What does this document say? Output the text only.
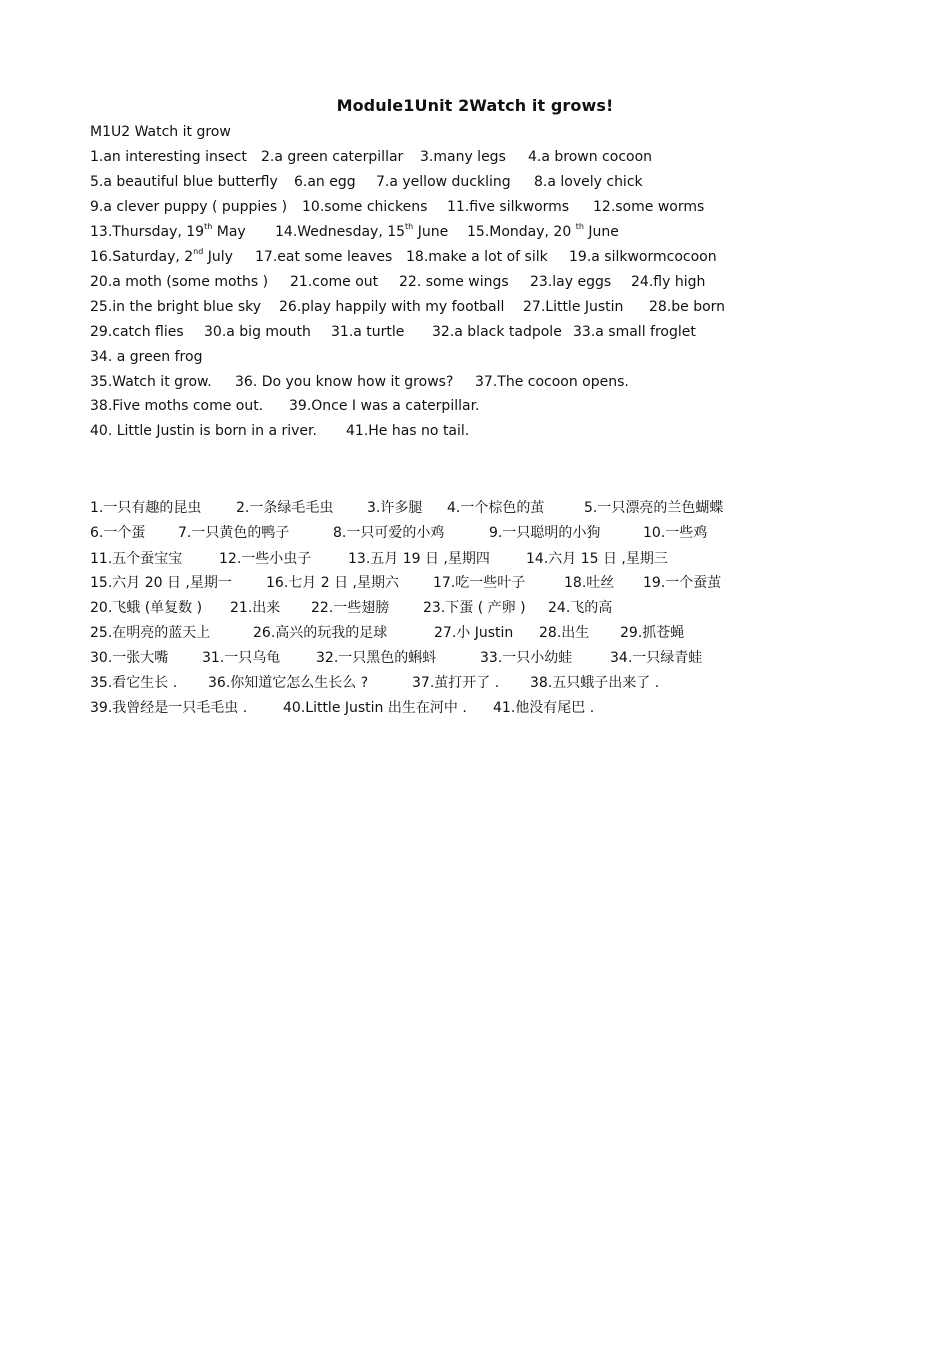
Module1Unit 2Watch it grows!
M1U2 Watch it grow
1.an interesting insect 2.a green caterpillar 3.many legs 4.a brown cocoon
5.a beautiful blue butterfly 6.an egg 7.a yellow duckling 8.a lovely chick
9.a clever puppy ( puppies ) 10.some chickens 11.five silkworms 12.some worms
13.Thursday, 19th May 14.Wednesday, 15th June 15.Monday, 20 $^{th}$ June
16.Saturday, 2nd July 17.eat some leaves 18.make a lot of silk 19.a silkwormcocoon
20.a moth (some moths ) 21.come out 22. some wings 23.lay eggs 24.fly high
25.in the bright blue sky 26.play happily with my football 27.Little Justin 28.be born
29.catch flies 30.a big mouth 31.a turtle 32.a black tadpole 33.a small froglet
34. a green frog
35.Watch it grow. 36. Do you know how it grows? 37.The cocoon opens.
38.Five moths come out. 39.Once I was a caterpillar.
40. Little Justin is born in a river. 41.He has no tail.
1.一只有趣的昆虫 2.一条绿毛毛虫 3.许多腿 4.一个棕色的茧	5.一只漂亮的兰色蝴蝶
6.一个蛋 7.一只黄色的鸭子	8.一只可爱的小鸡	9.一只聪明的小狗	10.一些鸡
11.五个蚕宝宝	12.一些小虫子	13.五月 19 日 ,星期四	14.六月 15 日 ,星期三
15.六月 20 日 ,星期一 16.七月 2 日 ,星期六 17.吃一些叶子	18.吐丝 19.一个蚕茧
20.飞蛾 (单复数 ) 21.出来 22.一些翅膀 23.下蛋 ( 产卵 ) 24.飞的高
25.在明亮的蓝天上	26.高兴的玩我的足球	27.小 Justin 28.出生 29.抓苍蝇
30.一张大嘴 31.一只乌龟	32.一只黑色的蝌蚪	33.一只小幼蛙	34.一只绿青蛙
35.看它生长 . 36.你知道它怎么生长么 ?	37.茧打开了 . 38.五只蛾子出来了 .
39.我曾经是一只毛毛虫 .	40.Little Justin 出生在河中 . 41.他没有尾巴 .
